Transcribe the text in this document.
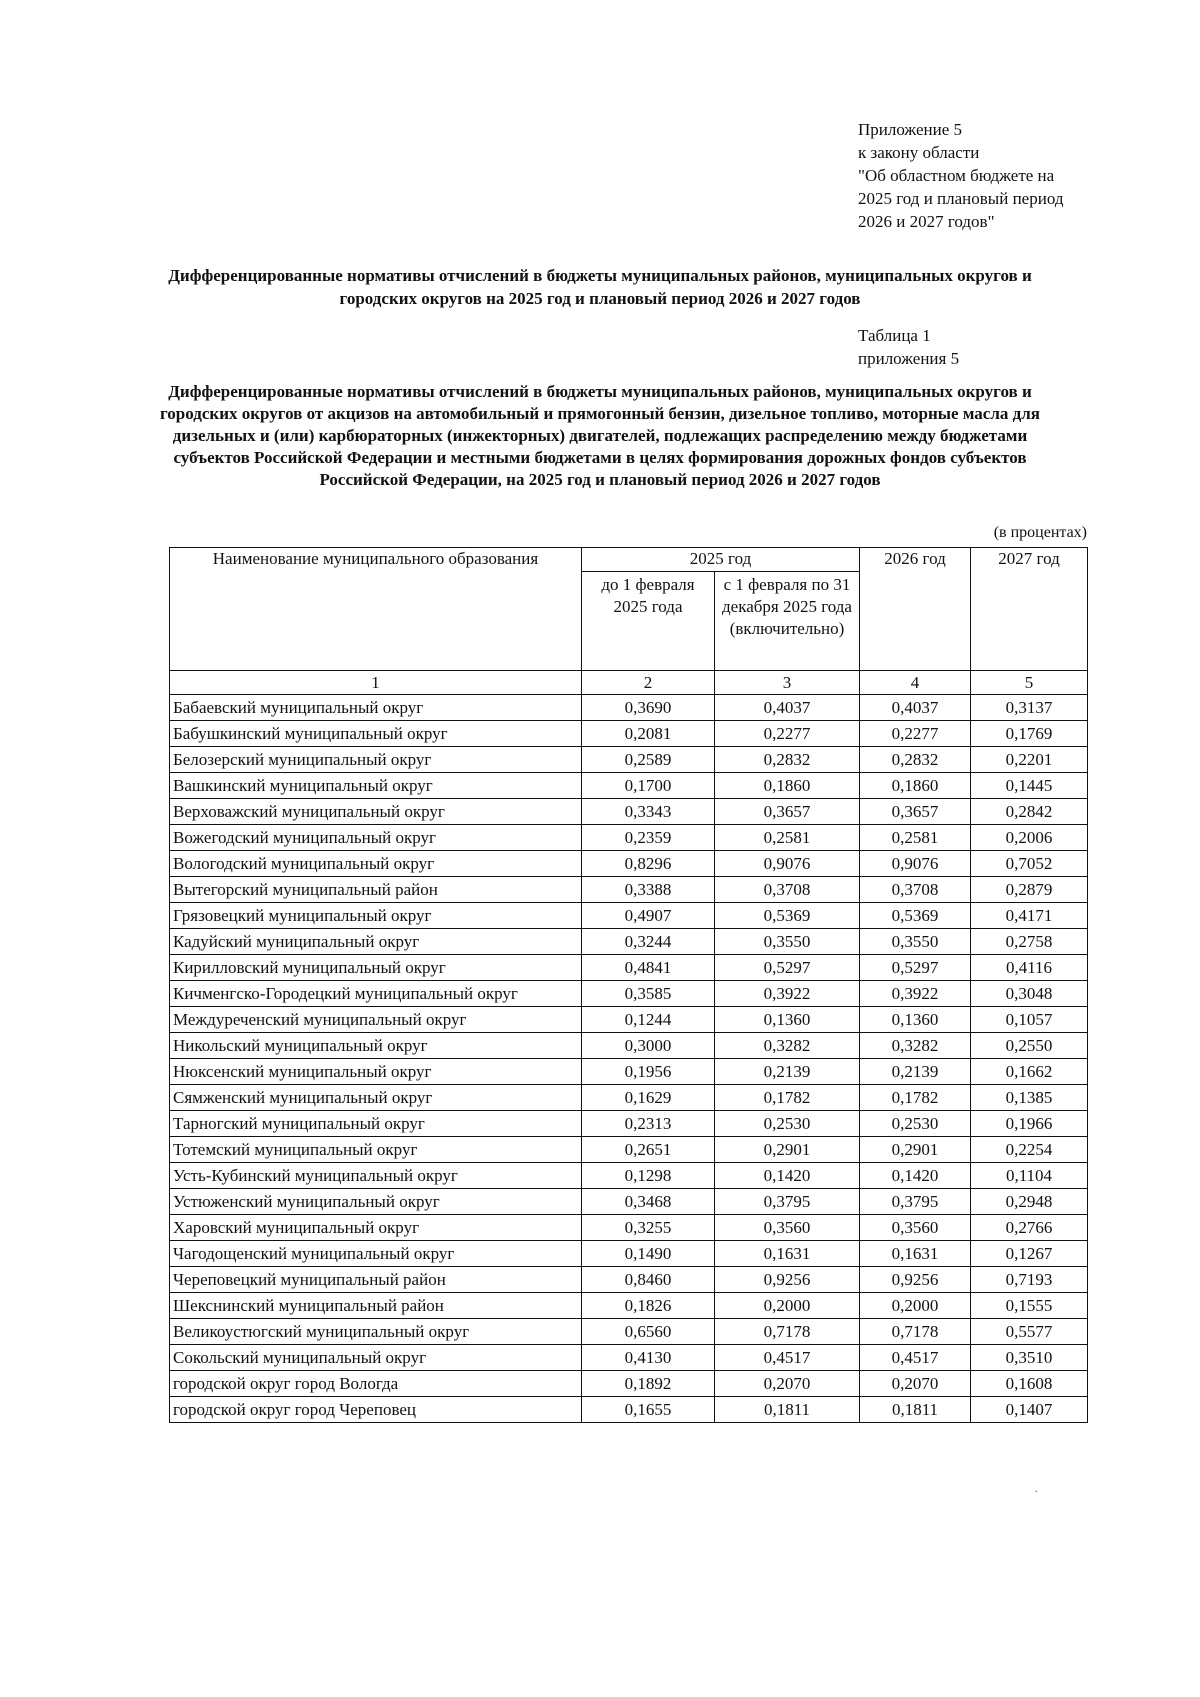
Приложение 5
к закону области
"Об областном бюджете на
2025 год и плановый период
2026 и 2027 годов"
Дифференцированные нормативы отчислений в бюджеты муниципальных районов, муниципальных округов и городских округов на 2025 год и плановый период 2026 и 2027 годов
Таблица 1
приложения 5
Дифференцированные нормативы отчислений в бюджеты муниципальных районов, муниципальных округов и городских округов от акцизов на автомобильный и прямогонный бензин, дизельное топливо, моторные масла для дизельных и (или) карбюраторных (инжекторных) двигателей, подлежащих распределению между бюджетами субъектов Российской Федерации и местными бюджетами в целях формирования дорожных фондов субъектов Российской Федерации, на 2025 год и плановый период 2026 и 2027 годов
(в процентах)
Наименование муниципального образования	2025 год		2026 год	2027 год
	до 1 февраля 2025 года	с 1 февраля по 31 декабря 2025 года (включительно)		
1	2	3	4	5
Бабаевский муниципальный округ	0,3690	0,4037	0,4037	0,3137
Бабушкинский муниципальный округ	0,2081	0,2277	0,2277	0,1769
Белозерский муниципальный округ	0,2589	0,2832	0,2832	0,2201
Вашкинский муниципальный округ	0,1700	0,1860	0,1860	0,1445
Верховажский муниципальный округ	0,3343	0,3657	0,3657	0,2842
Вожегодский муниципальный округ	0,2359	0,2581	0,2581	0,2006
Вологодский муниципальный округ	0,8296	0,9076	0,9076	0,7052
Вытегорский муниципальный район	0,3388	0,3708	0,3708	0,2879
Грязовецкий муниципальный округ	0,4907	0,5369	0,5369	0,4171
Кадуйский муниципальный округ	0,3244	0,3550	0,3550	0,2758
Кирилловский муниципальный округ	0,4841	0,5297	0,5297	0,4116
Кичменгско-Городецкий муниципальный округ	0,3585	0,3922	0,3922	0,3048
Междуреченский муниципальный округ	0,1244	0,1360	0,1360	0,1057
Никольский муниципальный округ	0,3000	0,3282	0,3282	0,2550
Нюксенский муниципальный округ	0,1956	0,2139	0,2139	0,1662
Сямженский муниципальный округ	0,1629	0,1782	0,1782	0,1385
Тарногский муниципальный округ	0,2313	0,2530	0,2530	0,1966
Тотемский муниципальный округ	0,2651	0,2901	0,2901	0,2254
Усть-Кубинский муниципальный округ	0,1298	0,1420	0,1420	0,1104
Устюженский муниципальный округ	0,3468	0,3795	0,3795	0,2948
Харовский муниципальный округ	0,3255	0,3560	0,3560	0,2766
Чагодощенский муниципальный округ	0,1490	0,1631	0,1631	0,1267
Череповецкий муниципальный район	0,8460	0,9256	0,9256	0,7193
Шекснинский муниципальный район	0,1826	0,2000	0,2000	0,1555
Великоустюгский муниципальный округ	0,6560	0,7178	0,7178	0,5577
Сокольский муниципальный округ	0,4130	0,4517	0,4517	0,3510
городской округ город Вологда	0,1892	0,2070	0,2070	0,1608
городской округ город Череповец	0,1655	0,1811	0,1811	0,1407
.
